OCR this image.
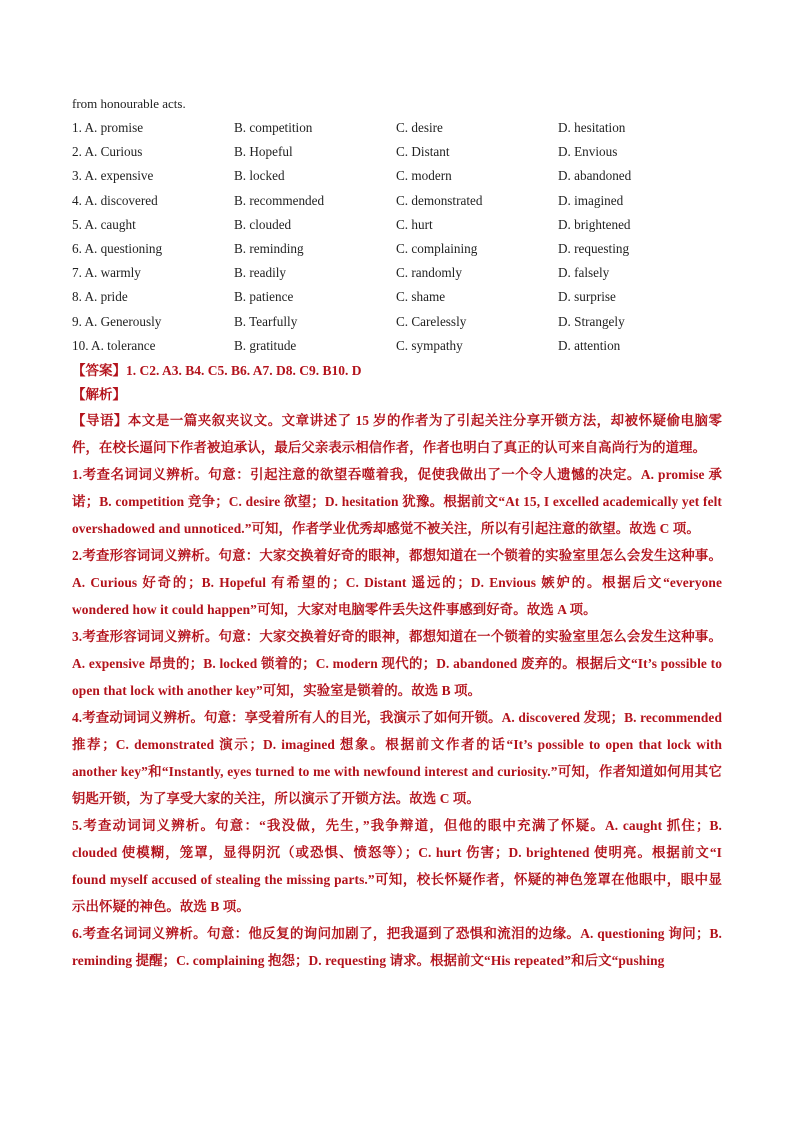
from honourable acts.
1. A. promise	B. competition	C. desire	D. hesitation
2. A. Curious	B. Hopeful	C. Distant	D. Envious
3. A. expensive	B. locked	C. modern	D. abandoned
4. A. discovered	B. recommended	C. demonstrated	D. imagined
5. A. caught	B. clouded	C. hurt	D. brightened
6. A. questioning	B. reminding	C. complaining	D. requesting
7. A. warmly	B. readily	C. randomly	D. falsely
8. A. pride	B. patience	C. shame	D. surprise
9. A. Generously	B. Tearfully	C. Carelessly	D. Strangely
10. A. tolerance	B. gratitude	C. sympathy	D. attention
【答案】1. C2. A3. B4. C5. B6. A7. D8. C9. B10. D
【解析】
【导语】本文是一篇夹叙夹议文。文章讲述了 15 岁的作者为了引起关注分享开锁方法，却被怀疑偷电脑零件，在校长逼问下作者被迫承认，最后父亲表示相信作者，作者也明白了真正的认可来自高尚行为的道理。
1.考查名词词义辨析。句意：引起注意的欲望吞噬着我，促使我做出了一个令人遗憾的决定。A. promise 承诺；B. competition 竞争；C. desire 欲望；D. hesitation 犹豫。根据前文“At 15, I excelled academically yet felt overshadowed and unnoticed.”可知，作者学业优秀却感觉不被关注，所以有引起注意的欲望。故选 C 项。
2.考查形容词词义辨析。句意：大家交换着好奇的眼神，都想知道在一个锁着的实验室里怎么会发生这种事。A. Curious 好奇的；B. Hopeful 有希望的；C. Distant 遥远的；D. Envious 嫉妒的。根据后文“everyone wondered how it could happen”可知，大家对电脑零件丢失这件事感到好奇。故选 A 项。
3.考查形容词词义辨析。句意：大家交换着好奇的眼神，都想知道在一个锁着的实验室里怎么会发生这种事。A. expensive 昂贵的；B. locked 锁着的；C. modern 现代的；D. abandoned 废弃的。根据后文“It’s possible to open that lock with another key”可知，实验室是锁着的。故选 B 项。
4.考查动词词义辨析。句意：享受着所有人的目光，我演示了如何开锁。A. discovered 发现；B. recommended 推荐；C. demonstrated 演示；D. imagined 想象。根据前文作者的话“It’s possible to open that lock with another key”和“Instantly, eyes turned to me with newfound interest and curiosity.”可知，作者知道如何用其它钥匙开锁，为了享受大家的关注，所以演示了开锁方法。故选 C 项。
5.考查动词词义辨析。句意：“我没做，先生，”我争辩道，但他的眼中充满了怀疑。A. caught 抓住；B. clouded 使模糊，笼罩，显得阴沉（或恐惧、愤怒等）；C. hurt 伤害；D. brightened 使明亮。根据前文“I found myself accused of stealing the missing parts.”可知，校长怀疑作者，怀疑的神色笼罩在他眼中，眼中显示出怀疑的神色。故选 B 项。
6.考查名词词义辨析。句意：他反复的询问加剧了，把我逼到了恐惧和流泪的边缘。A. questioning 询问；B. reminding 提醒；C. complaining 抱怨；D. requesting 请求。根据前文“His repeated”和后文“pushing
